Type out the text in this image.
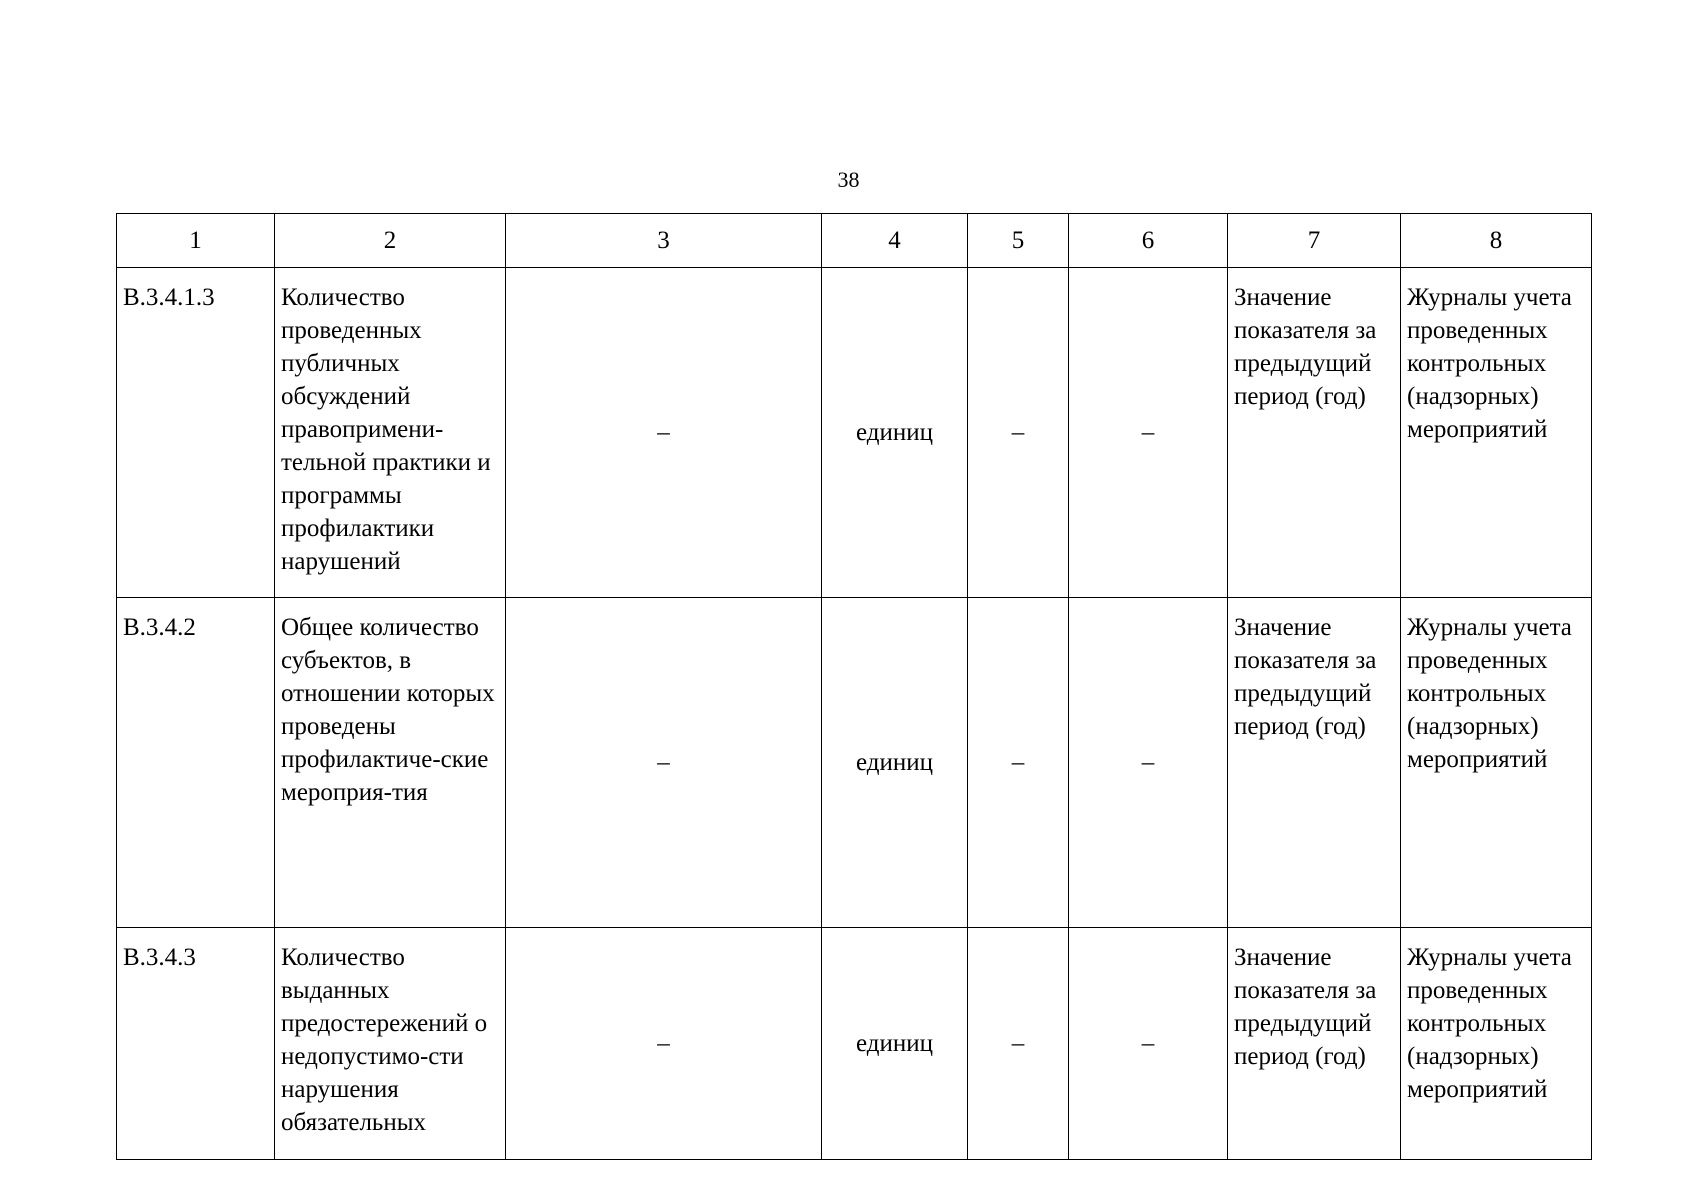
38
1	2	3	4	5	6	7	8
В.3.4.1.3	Количество проведенных публичных обсуждений правопримени-тельной практики и программы профилактики нарушений	–	единиц	–	–	Значение показателя за предыдущий период (год)	Журналы учета проведенных контрольных (надзорных) мероприятий
В.3.4.2	Общее количество субъектов, в отношении которых проведены профилактиче-ские мероприя-тия	–	единиц	–	–	Значение показателя за предыдущий период (год)	Журналы учета проведенных контрольных (надзорных) мероприятий
В.3.4.3	Количество выданных предостережений о недопустимо-сти нарушения обязательных	–	единиц	–	–	Значение показателя за предыдущий период (год)	Журналы учета проведенных контрольных (надзорных) мероприятий
